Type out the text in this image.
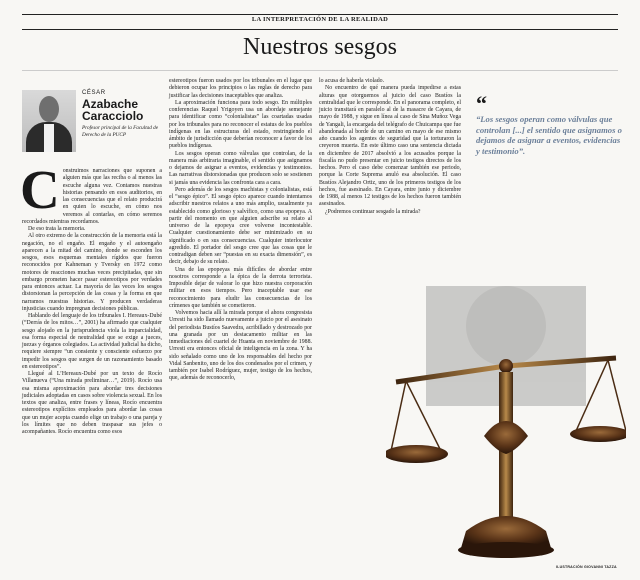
LA INTERPRETACIÓN DE LA REALIDAD
Nuestros sesgos
CÉSAR
Azabache
Caracciolo
Profesor principal de la Facultad de Derecho de la PUCP
C onstruimos narraciones que suponen a alguien más que las reciba o al menos las escuche alguna vez. Contamos nuestras historias pensando en esos auditorios, en las consecuencias que el relato producirá en quien lo escuche, en cómo nos veremos al contarlas, en cómo seremos recordados mientras recordamos.

De eso trata la memoria.

Al otro extremo de la construcción de la memoria está la negación, no el engaño. El engaño y el autoengaño aparecen a la mitad del camino, donde se esconden los sesgos, esos esquemas mentales rígidos que fueron reconocidos por Kahneman y Tversky en 1972 como motores de reacciones muchas veces precipitadas, que sin embargo prometen hacer pasar estereotipos por verdades para entonces actuar. La mayoría de las veces los sesgos distorsionan la percepción de las cosas y la forma en que narramos nuestras historias. Y producen verdaderas injusticias cuando impregnan decisiones públicas.

Hablando del lenguaje de los tribunales I. Hereaux-Dubé (“Derrás de los mitos…”, 2001) ha afirmado que cualquier sesgo alojado en la jurisprudencia viola la imparcialidad, esa forma especial de neutralidad que se exige a jueces, juezas y órganos colegiados. La actividad judicial ha dicho, requiere siempre “un consiente y consciente esfuerzo por impedir los sesgos que surgen de un razonamiento basado en estereotipos”.

Llegué al L’Hereaux-Dubé por un texto de Rocío Villanueva (“Una mirada preliminar…”, 2019). Rocío usa esa misma aproximación para abordar tres decisiones judiciales adoptadas en casos sobre violencia sexual. En los textos que analiza, entre frases y líneas, Rocío encuentra estereotipos explícitos empleados para abordar las cosas que un mujer acepta cuando elige un trabajo o una pareja y los límites que no deben traspasar sus jefes o acompañantes. Rocío encuentra como esos

estereotipos fueron usados por los tribunales en el lugar que debieron ocupar los principios o las reglas de derecho para justificar las decisiones inaceptables que analiza.

La aproximación funciona para todo sesgo. En múltiples conferencias Raquel Yrigoyen usa un abordaje semejante para identificar como “colonialistas” las coartadas usadas por los tribunales para no reconocer el estatus de los pueblos indígenas en las estructuras del estado, restringiendo el ámbito de jurisdicción que deberían reconocer a favor de los pueblos indígenas.

Los sesgos operan como válvulas que controlan, de la manera más arbitraria imaginable, el sentido que asignamos o dejamos de asignar a eventos, evidencias y testimonios. Las narrativas distorsionadas que producen solo se sostienen si jamás una evidencia las confronta cara a cara.

Pero además de los sesgos machistas y colonialistas, está el “sesgo épico”. El sesgo épico aparece cuando intentamos adscribir nuestros relatos a uno más amplio, usualmente ya establecido como glorioso y salvífico, como una epopeya. A partir del momento en que alguien adscribe su relato al universo de la epopeya cree volverse incontestable. Cualquier cuestionamiento debe ser minimizado en su significado o en sus consecuencias. Cualquier interlocutor agredido. El portador del sesgo cree que las cosas que le contradigan deben ser “puestas en su exacta dimensión”, es decir, debajo de su relato.

Una de las epopeyas más difíciles de abordar entre nosotros corresponde a la épica de la derrota terrorista. Imposible dejar de valorar lo que hizo nuestra corporación militar en esos tiempos. Pero inaceptable usar ese reconocimiento para eludir las consecuencias de los crímenes que también se cometieron.

Volvemos hacia allí la mirada porque el ahora congresista Urresti ha sido llamado nuevamente a juicio por el asesinato del periodista Bustíos Saavedra, acribillado y destrozado por una granada por un destacamento militar en las inmediaciones del cuartel de Huanta en noviembre de 1988. Urresti era entonces oficial de inteligencia en la zona. Y ha sido señalado como uno de los responsables del hecho por Vidal Sanbenito, uno de los dos condenados por el crimen, y también por Isabel Rodríguez, mujer, testigo de los hechos, que, además de reconocerlo,

lo acusa de haberla violado.

No encuentro de qué manera pueda impedirse a estas alturas que otorguemos al juicio del caso Bustíos la centralidad que le corresponde. En el panorama completo, el juicio transitará en paralelo al de la masacre de Cayara, de mayo de 1988, y sigue en línea al caso de Sina Muñoz Vega de Yangali, la encargada del telégrafo de Chuicampa que fue abandonada al borde de un camino en mayo de ese mismo año cuando los agentes de seguridad que la torturaron la creyeron muerta. En este último caso una sentencia dictada en diciembre de 2017 absolvió a los acusados porque la fiscalía no pudo presentar en juicio testigos directos de los hechos. Pero el caso debe comenzar también ese periodo, porque la Corte Suprema anuló esa absolución. El caso Bustíos Alejandro Ortiz, uno de los primeros testigos de los hechos, fue asesinado. En Cayara, entre junio y diciembre de 1988, al menos 12 testigos de los hechos fueron también asesinados.

¿Podremos continuar sesgado la mirada?

“
“Los sesgos operan como válvulas que controlan [...] el sentido que asignamos o dejamos de asignar a eventos, evidencias y testimonio”.
ILUSTRACIÓN GIOVANNI TAZZA
